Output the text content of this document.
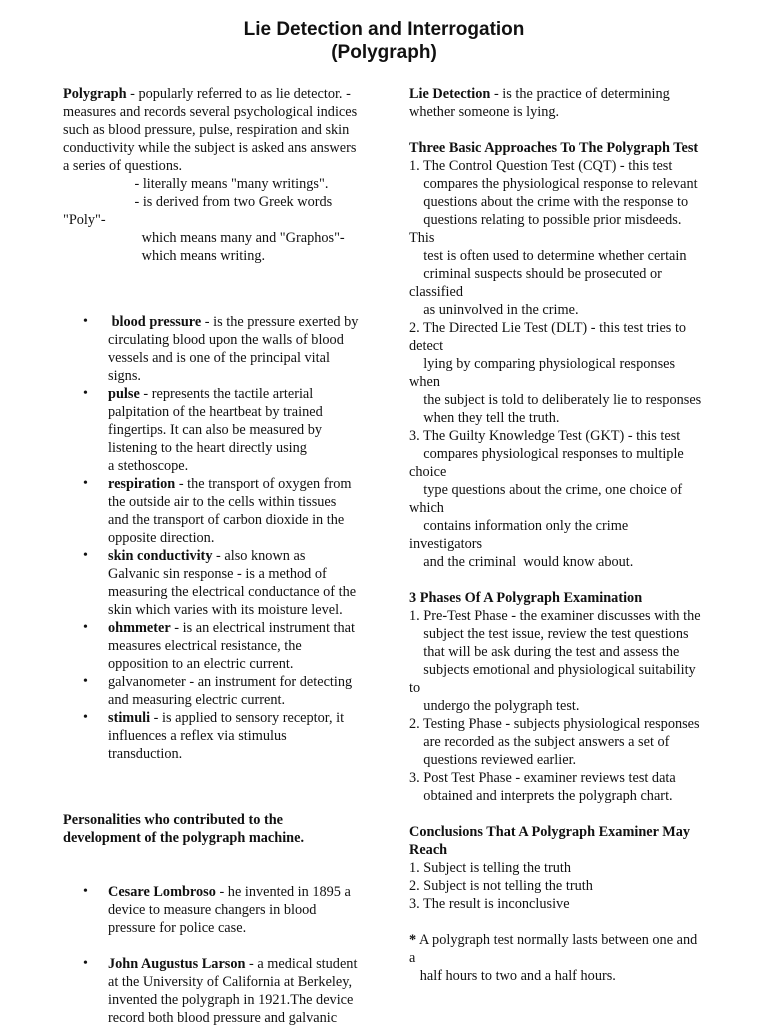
Lie Detection and Interrogation
(Polygraph)
Polygraph - popularly referred to as lie detector. -
measures and records several psychological indices
such as blood pressure, pulse, respiration and skin
conductivity while the subject is asked ans answers
a series of questions.
- literally means "many writings".
- is derived from two Greek words
"Poly"-
which means many and "Graphos"-
which means writing.
•  blood pressure - is the pressure exerted by
circulating blood upon the walls of blood
vessels and is one of the principal vital
signs.
• pulse - represents the tactile arterial
palpitation of the heartbeat by trained
fingertips. It can also be measured by
listening to the heart directly using
a stethoscope.
• respiration - the transport of oxygen from
the outside air to the cells within tissues
and the transport of carbon dioxide in the
opposite direction.
• skin conductivity - also known as
Galvanic sin response - is a method of
measuring the electrical conductance of the
skin which varies with its moisture level.
• ohmmeter - is an electrical instrument that
measures electrical resistance, the
opposition to an electric current.
• galvanometer - an instrument for detecting
and measuring electric current.
• stimuli - is applied to sensory receptor, it
influences a reflex via stimulus
transduction.
Personalities who contributed to the
development of the polygraph machine.
• Cesare Lombroso - he invented in 1895 a
device to measure changers in blood
pressure for police case.
• John Augustus Larson - a medical student
at the University of California at Berkeley,
invented the polygraph in 1921.The device
record both blood pressure and galvanic
Lie Detection - is the practice of determining
whether someone is lying.
Three Basic Approaches To The Polygraph Test
1. The Control Question Test (CQT) - this test
compares the physiological response to relevant
questions about the crime with the response to
questions relating to possible prior misdeeds.
This
test is often used to determine whether certain
criminal suspects should be prosecuted or
classified
as uninvolved in the crime.
2. The Directed Lie Test (DLT) - this test tries to
detect
lying by comparing physiological responses
when
the subject is told to deliberately lie to responses
when they tell the truth.
3. The Guilty Knowledge Test (GKT) - this test
compares physiological responses to multiple
choice
type questions about the crime, one choice of
which
contains information only the crime
investigators
and the criminal  would know about.
3 Phases Of A Polygraph Examination
1. Pre-Test Phase - the examiner discusses with the
subject the test issue, review the test questions
that will be ask during the test and assess the
subjects emotional and physiological suitability
to
undergo the polygraph test.
2. Testing Phase - subjects physiological responses
are recorded as the subject answers a set of
questions reviewed earlier.
3. Post Test Phase - examiner reviews test data
obtained and interprets the polygraph chart.
Conclusions That A Polygraph Examiner May
Reach
1. Subject is telling the truth
2. Subject is not telling the truth
3. The result is inconclusive
* A polygraph test normally lasts between one and
a
half hours to two and a half hours.
